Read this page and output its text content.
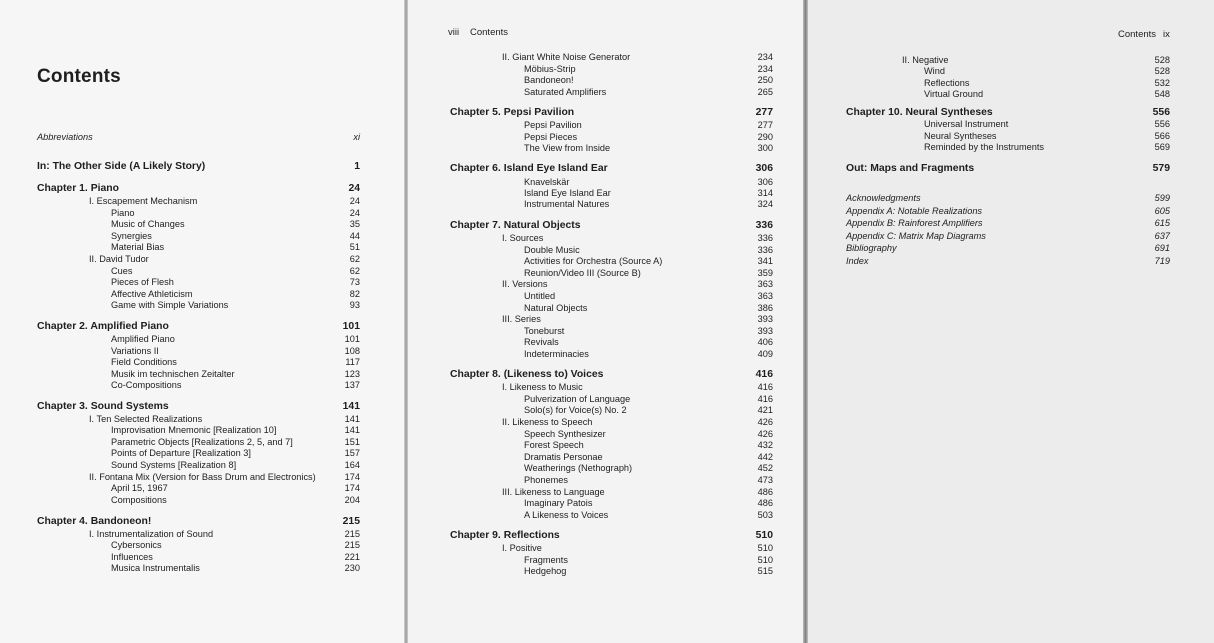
Contents
Abbreviations	xi
In: The Other Side (A Likely Story)	1
Chapter 1. Piano	24
I. Escapement Mechanism	24
Piano	24
Music of Changes	35
Synergies	44
Material Bias	51
II. David Tudor	62
Cues	62
Pieces of Flesh	73
Affective Athleticism	82
Game with Simple Variations	93
Chapter 2. Amplified Piano	101
Amplified Piano	101
Variations II	108
Field Conditions	117
Musik im technischen Zeitalter	123
Co-Compositions	137
Chapter 3. Sound Systems	141
I. Ten Selected Realizations	141
Improvisation Mnemonic [Realization 10]	141
Parametric Objects [Realizations 2, 5, and 7]	151
Points of Departure [Realization 3]	157
Sound Systems [Realization 8]	164
II. Fontana Mix (Version for Bass Drum and Electronics)	174
April 15, 1967	174
Compositions	204
Chapter 4. Bandoneon!	215
I. Instrumentalization of Sound	215
Cybersonics	215
Influences	221
Musica Instrumentalis	230
viii Contents
II. Giant White Noise Generator	234
Möbius-Strip	234
Bandoneon!	250
Saturated Amplifiers	265
Chapter 5. Pepsi Pavilion	277
Pepsi Pavilion	277
Pepsi Pieces	290
The View from Inside	300
Chapter 6. Island Eye Island Ear	306
Knavelskär	306
Island Eye Island Ear	314
Instrumental Natures	324
Chapter 7. Natural Objects	336
I. Sources	336
Double Music	336
Activities for Orchestra (Source A)	341
Reunion/Video III (Source B)	359
II. Versions	363
Untitled	363
Natural Objects	386
III. Series	393
Toneburst	393
Revivals	406
Indeterminacies	409
Chapter 8. (Likeness to) Voices	416
I. Likeness to Music	416
Pulverization of Language	416
Solo(s) for Voice(s) No. 2	421
II. Likeness to Speech	426
Speech Synthesizer	426
Forest Speech	432
Dramatis Personae	442
Weatherings (Nethograph)	452
Phonemes	473
III. Likeness to Language	486
Imaginary Patois	486
A Likeness to Voices	503
Chapter 9. Reflections	510
I. Positive	510
Fragments	510
Hedgehog	515
Contents ix
II. Negative	528
Wind	528
Reflections	532
Virtual Ground	548
Chapter 10. Neural Syntheses	556
Universal Instrument	556
Neural Syntheses	566
Reminded by the Instruments	569
Out: Maps and Fragments	579
Acknowledgments	599
Appendix A: Notable Realizations	605
Appendix B: Rainforest Amplifiers	615
Appendix C: Matrix Map Diagrams	637
Bibliography	691
Index	719
